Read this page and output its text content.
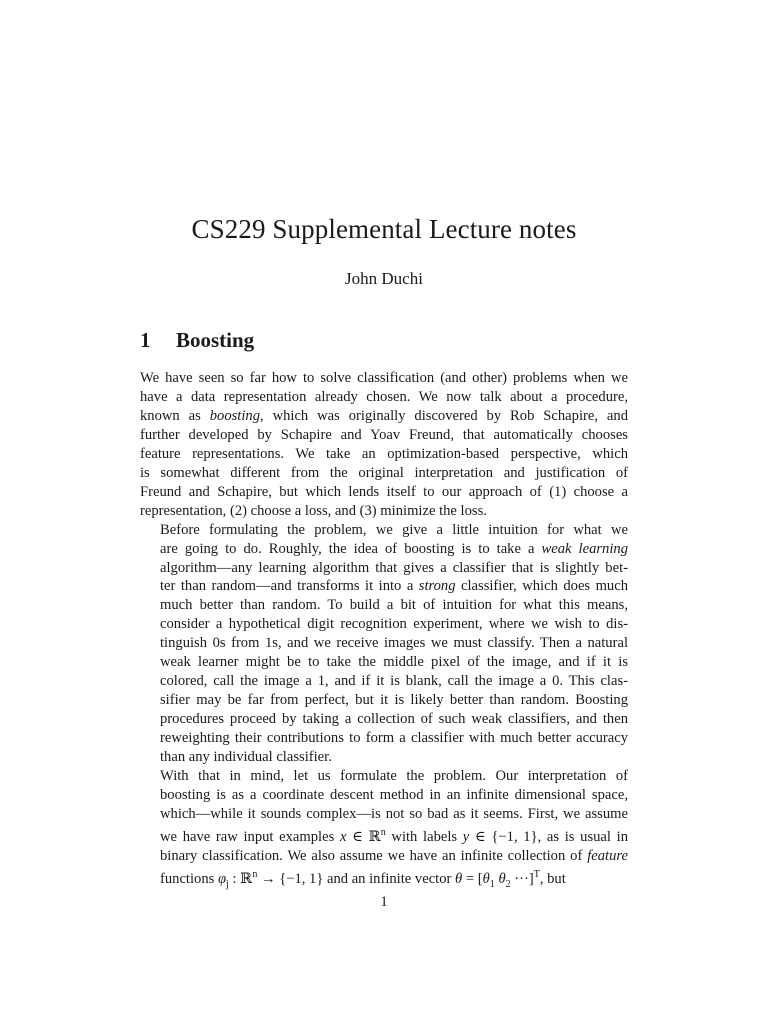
CS229 Supplemental Lecture notes
John Duchi
1 Boosting

We have seen so far how to solve classification (and other) problems when we
have a data representation already chosen. We now talk about a procedure,
known as boosting, which was originally discovered by Rob Schapire, and
further developed by Schapire and Yoav Freund, that automatically chooses
feature representations. We take an optimization-based perspective, which
is somewhat different from the original interpretation and justification of
Freund and Schapire, but which lends itself to our approach of (1) choose a
representation, (2) choose a loss, and (3) minimize the loss.

Before formulating the problem, we give a little intuition for what we
are going to do. Roughly, the idea of boosting is to take a weak learning
algorithm—any learning algorithm that gives a classifier that is slightly bet-
ter than random—and transforms it into a strong classifier, which does much
much better than random. To build a bit of intuition for what this means,
consider a hypothetical digit recognition experiment, where we wish to dis-
tinguish 0s from 1s, and we receive images we must classify. Then a natural
weak learner might be to take the middle pixel of the image, and if it is
colored, call the image a 1, and if it is blank, call the image a 0. This clas-
sifier may be far from perfect, but it is likely better than random. Boosting
procedures proceed by taking a collection of such weak classifiers, and then
reweighting their contributions to form a classifier with much better accuracy
than any individual classifier.

With that in mind, let us formulate the problem. Our interpretation of
boosting is as a coordinate descent method in an infinite dimensional space,
which—while it sounds complex—is not so bad as it seems. First, we assume
we have raw input examples x ∈ ℝ$^n$ with labels y ∈ {−1, 1}, as is usual in
binary classification. We also assume we have an infinite collection of feature
functions $\varphi_j$ : ℝ$^n$ → {−1, 1} and an infinite vector $\theta = [\theta_1$ $\theta_2 \cdot\cdot\cdot]^T$, but

1
